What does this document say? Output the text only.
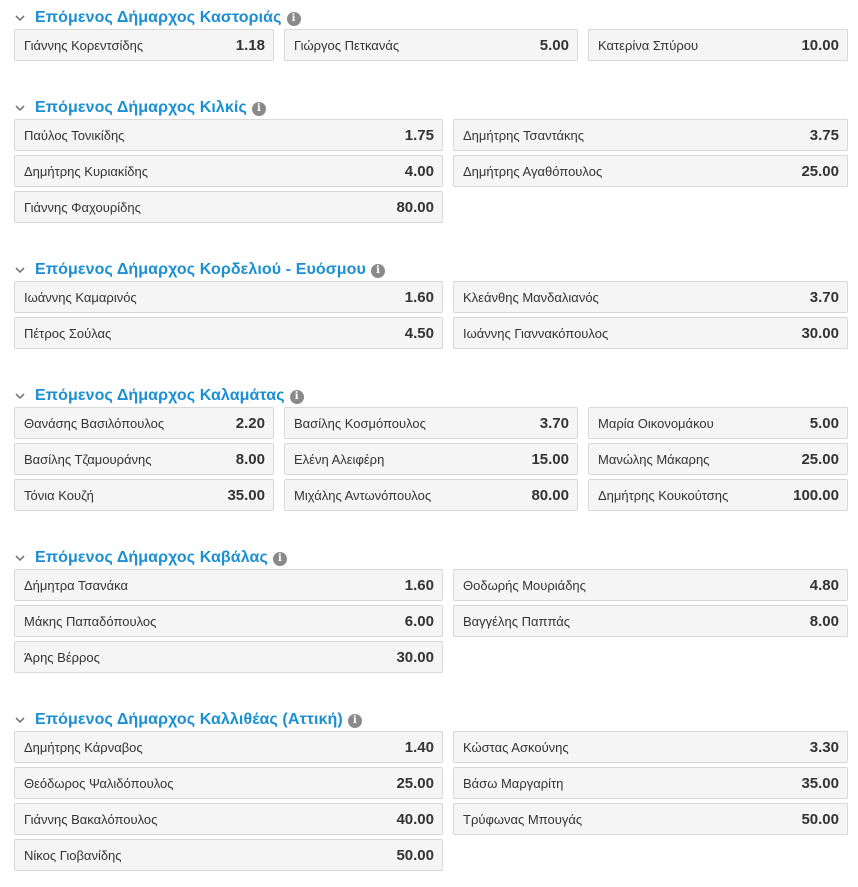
Επόμενος Δήμαρχος Καστοριάς	i
Γιάννης Κορεντσίδης	1.18 Γιώργος Πετκανάς	5.00 Κατερίνα Σπύρου	10.00
Επόμενος Δήμαρχος Κιλκίς	i
Παύλος Τονικίδης	1.75 Δημήτρης Τσαντάκης	3.75
Δημήτρης Κυριακίδης	4.00 Δημήτρης Αγαθόπουλος	25.00
Γιάννης Φαχουρίδης	80.00
Επόμενος Δήμαρχος Κορδελιού - Ευόσμου	i
Ιωάννης Καμαρινός	1.60 Κλεάνθης Μανδαλιανός	3.70
Πέτρος Σούλας	4.50 Ιωάννης Γιαννακόπουλος	30.00
Επόμενος Δήμαρχος Καλαμάτας	i
Θανάσης Βασιλόπουλος	2.20 Βασίλης Κοσμόπουλος	3.70 Μαρία Οικονομάκου	5.00
Βασίλης Τζαμουράνης	8.00 Ελένη Αλειφέρη	15.00 Μανώλης Μάκαρης	25.00
Τόνια Κουζή	35.00 Μιχάλης Αντωνόπουλος	80.00 Δημήτρης Κουκούτσης	100.00
Επόμενος Δήμαρχος Καβάλας	i
Δήμητρα Τσανάκα	1.60 Θοδωρής Μουριάδης	4.80
Μάκης Παπαδόπουλος	6.00 Βαγγέλης Παππάς	8.00
Άρης Βέρρος	30.00
Επόμενος Δήμαρχος Καλλιθέας (Αττική)	i
Δημήτρης Κάρναβος	1.40 Κώστας Ασκούνης	3.30
Θεόδωρος Ψαλιδόπουλος	25.00 Βάσω Μαργαρίτη	35.00
Γιάννης Βακαλόπουλος	40.00 Τρύφωνας Μπουγάς	50.00
Νίκος Γιοβανίδης	50.00
